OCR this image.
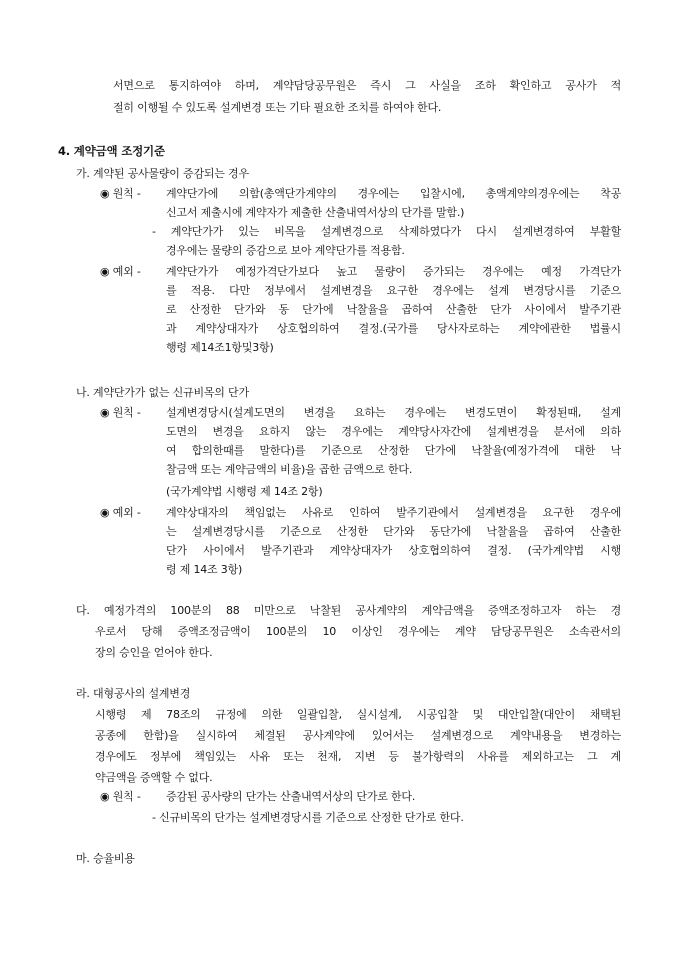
서면으로 통지하여야 하며, 계약담당공무원은 즉시 그 사실을 조하 확인하고 공사가 적
절히 이행될 수 있도록 설계변경 또는 기타 필요한 조치를 하여야 한다.
4. 계약금액 조정기준
가. 계약된 공사물량이 증감되는 경우
◉ 원칙 - 계약단가에 의함(총액단가계약의 경우에는 입찰시에, 총액계약의경우에는 착공
신고서 제출시에 계약자가 제출한 산출내역서상의 단가를 말함.)
- 계약단가가 있는 비목을 설계변경으로 삭제하였다가 다시 설계변경하여 부활할
경우에는 물량의 증감으로 보아 계약단가를 적용함.
◉ 예외 - 계약단가가 예정가격단가보다 높고 물량이 증가되는 경우에는 예정 가격단가
를 적용. 다만 정부에서 설계변경을 요구한 경우에는 설계 변경당시를 기준으
로 산정한 단가와 동 단가에 낙찰율을 곱하여 산출한 단가 사이에서 발주기관
과 계약상대자가 상호협의하여 결정.(국가를 당사자로하는 계약에관한 법률시
행령 제14조1항및3항)
나. 계약단가가 없는 신규비목의 단가
◉ 원칙 - 설계변경당시(설계도면의 변경을 요하는 경우에는 변경도면이 확정된때, 설계
도면의 변경을 요하지 않는 경우에는 계약당사자간에 설계변경을 분서에 의하
여 합의한때를 말한다)를 기준으로 산정한 단가에 낙찰율(예정가격에 대한 낙
찰금액 또는 계약금액의 비율)을 곱한 금액으로 한다.
(국가계약법 시행령 제 14조 2항)
◉ 예외 - 계약상대자의 책임없는 사유로 인하여 발주기관에서 설계변경을 요구한 경우에
는 설계변경당시를 기준으로 산정한 단가와 동단가에 낙찰율을 곱하여 산출한
단가 사이에서 발주기관과 계약상대자가 상호협의하여 결정. (국가계약법 시행
령 제 14조 3항)
다. 예정가격의 100분의 88 미만으로 낙찰된 공사계약의 계약금액을 증액조정하고자 하는 경
우로서 당해 증액조정금액이 100분의 10 이상인 경우에는 계약 담당공무원은 소속관서의
장의 승인을 얻어야 한다.
라. 대형공사의 설계변경
시행령 제 78조의 규정에 의한 일괄입찰, 실시설계, 시공입찰 및 대안입찰(대안이 채택된
공종에 한함)을 실시하여 체결된 공사계약에 있어서는 설계변경으로 계약내용을 변경하는
경우에도 정부에 책임있는 사유 또는 천재, 지변 등 불가항력의 사유를 제외하고는 그 계
약금액을 증액할 수 없다.
◉ 원칙 - 증감된 공사량의 단가는 산출내역서상의 단가로 한다.
- 신규비목의 단가는 설계변경당시를 기준으로 산정한 단가로 한다.
마. 승율비용
